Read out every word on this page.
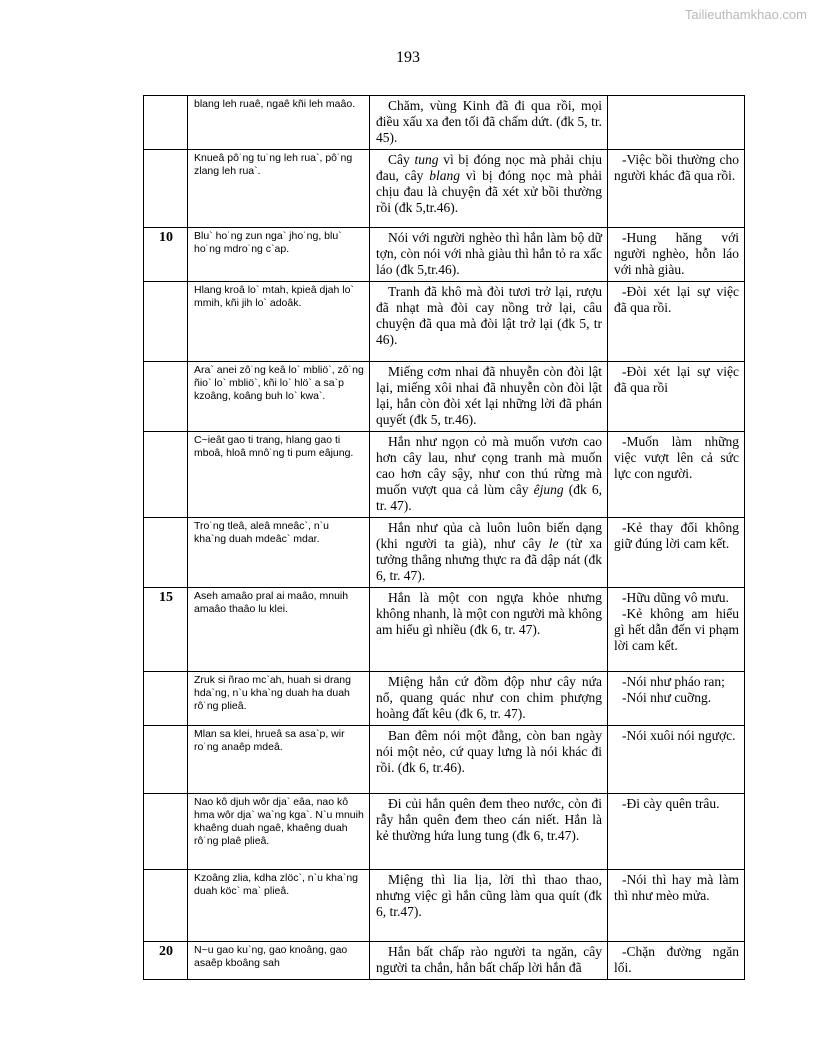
Tailieuthamkhao.com
193
	blang leh ruaê, ngaê kñi leh maâo.	Chăm, vùng Kinh đã đi qua rồi, mọi điều xấu xa đen tối đã chấm dứt. (đk 5, tr. 45).	
	Knueâ pô˙ng tu˙ng leh rua`, pô˙ng zlang leh rua`.	Cây tung vì bị đóng nọc mà phải chịu đau, cây blang vì bị đóng nọc mà phải chịu đau là chuyện đã xét xử bồi thường rồi (đk 5,tr.46).	-Việc bồi thường cho người khác đã qua rồi.

10	Blu` ho˙ng zun nga` jho˙ng, blu` ho˙ng mdro˙ng c`ap.	Nói với người nghèo thì hắn làm bộ dữ tợn, còn nói với nhà giàu thì hắn tỏ ra xấc láo (đk 5,tr.46).	-Hung hăng với người nghèo, hỗn láo với nhà giàu.

	Hlang kroâ lo` mtah, kpieâ djah lo` mmih, kñi jih lo` adoâk.	Tranh đã khô mà đòi tươi trở lại, rượu đã nhạt mà đòi cay nồng trở lại, câu chuyện đã qua mà đòi lật trở lại (đk 5, tr 46).	-Đòi xét lại sự việc đã qua rồi.

	Ara` anei zô˙ng keâ lo` mbliö`, zô˙ng ñio` lo` mbliö`, kñi lo` hlö` a sa`p kzoâng, koâng buh lo` kwa`.	Miếng cơm nhai đã nhuyễn còn đòi lật lại, miếng xôi nhai đã nhuyễn còn đòi lật lại, hắn còn đòi xét lại những lời đã phán quyết (đk 5, tr.46).	-Đòi xét lại sự việc đã qua rồi

	C~ieât gao ti trang, hlang gao ti mboâ, hloâ mnô˙ng ti pum eâjung.	Hắn như ngọn cỏ mà muốn vươn cao hơn cây lau, như cọng tranh mà muốn cao hơn cây sậy, như con thú rừng mà muốn vượt qua cả lùm cây êjung (đk 6, tr. 47).	-Muốn làm những việc vượt lên cả sức lực con người.

	Tro˙ng tleâ, aleâ mneâc`, n`u kha`ng duah mdeâc` mdar.	Hắn như qủa cà luôn luôn biến dạng (khi người ta già), như cây le (từ xa tưởng thẳng nhưng thực ra đã dập nát (đk 6, tr. 47).	-Kẻ thay đổi không giữ đúng lời cam kết.

15	Aseh amaâo pral ai maâo, mnuih amaâo thaâo lu klei.	Hắn là một con ngựa khỏe nhưng không nhanh, là một con người mà không am hiểu gì nhiều (đk 6, tr. 47).	-Hữu dũng vô mưu.
-Kẻ không am hiểu gì hết dẫn đến vi phạm lời cam kết.

	Zruk si ñrao mc`ah, huah si drang hda`ng, n`u kha`ng duah ha duah rô˙ng plieâ.	Miệng hắn cứ đồm độp như cây nứa nổ, quang quác như con chim phượng hoàng đất kêu (đk 6, tr. 47).	-Nói như pháo ran;
-Nói như cuỡng.

	Mlan sa klei, hrueâ sa asa`p, wir ro˙ng anaêp mdeâ.	Ban đêm nói một đằng, còn ban ngày nói một nẻo, cứ quay lưng là nói khác đi rồi. (đk 6, tr.46).	-Nói xuôi nói ngược.

	Nao kô djuh wôr dja` eâa, nao kô hma wôr dja` wa`ng kga`. N`u mnuih khaêng duah ngaê, khaêng duah rô˙ng plaê plieâ.	Đi củi hắn quên đem theo nước, còn đi rẫy hắn quên đem theo cán niết. Hắn là kẻ thường hứa lung tung (đk 6, tr.47).	-Đi cày quên trâu.

	Kzoâng zlia, kdha zlöc`, n`u kha`ng duah köc` ma` plieâ.	Miệng thì lia lịa, lời thì thao thao, nhưng việc gì hắn cũng làm qua quít (đk 6, tr.47).	-Nói thì hay mà làm thì như mèo mửa.

20	N~u gao ku`ng, gao knoâng, gao asaêp kboâng sah	Hắn bất chấp rào người ta ngăn, cây người ta chắn, hắn bất chấp lời hắn đã	-Chặn đường ngăn lối.
